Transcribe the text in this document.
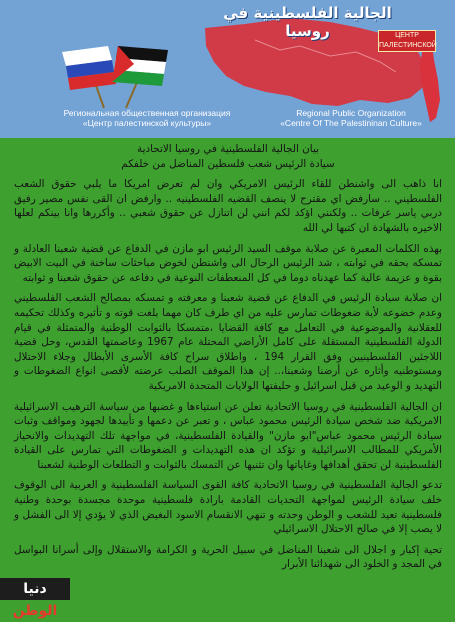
الجالية الفلسطينية في روسيا	ЦЕНТР ПАЛЕСТИНСКОЙ
Региональная общественная организация
«Центр палестинской культуры»
Regional Public Organization
«Centre Of The Palestininan Culture»

بيان الجالية الفلسطينية في روسيا الاتحادية
سيادة الرئيس شعب فلسطين المناضل من خلفكم

انا ذاهب الى واشنطن للقاء الرئيس الامريكي وان لم تعرض امريكا ما يلبي حقوق الشعب الفلسطيني .. سارفض اي مقترح لا ينصف القضيه الفلسطينيه .. وارفض ان القى نفس مصير رفيق دربي ياسر عرفات .. ولكنني اؤكد لكم انني لن اتنازل عن حقوق شعبي .. وأكررها وانا بينكم لعلها الاخيره بالشهادة ان كتبها لي الله

بهذه الكلمات المعبرة عن صلابة موقف السيد الرئيس ابو مازن في الدفاع عن قضية شعبنا العادلة و تمسكه بحقه في ثوابته ، شد الرئيس الرحال الى واشنطن لخوض مباحثات ساخنة في البيت الابيض بقوة و عزيمة عالية كما عهدناه دوما في كل المنعطفات النوعية في دفاعه عن حقوق شعبنا و ثوابته

ان صلابة سيادة الرئيس في الدفاع عن قضية شعبنا و معرفته و تمسكه بمصالح الشعب الفلسطيني وعدم خضوعه لأية ضغوطات تمارس عليه من اي طرف كان مهما بلغت قوته و تأثيره وكذلك تحكيمه للعقلانية والموضوعية في التعامل مع كافة القضايا ،متمسكا بالثوابت الوطنية والمتمثلة في قيام الدولة الفلسطينية المستقلة على كامل الأراضي المحتلة عام 1967 وعاصمتها القدس، وحل قضية اللاجئين الفلسطينيين وفق القرار 194 ، واطلاق سراح كافة الأسرى الأبطال وجلاء الاحتلال ومستوطنيه وأثاره عن أرضنا وشعبنا،.. إن هذا الموقف الصلب عرضته لأقصى انواع الضغوطات و التهديد و الوعيد من قبل اسرائيل و حليفتها الولايات المتحدة الامريكية

ان الجالية الفلسطينية في روسيا الاتحادية تعلن عن استياءها و غضبها من سياسة الترهيب الاسرائيلية الامريكية ضد شخص سيادة الرئيس محمود عباس ، و تعبر عن دعمها و تأييدها لجهود ومواقف وثبات سيادة الرئيس محمود عباس"ابو مازن" والقيادة الفلسطينية، في مواجهة تلك التهديدات والانحياز الأمريكي للمطالب الاسرائيلية و تؤكد ان هذه التهديدات و الضغوطات التي تمارس على القيادة الفلسطينية لن تحقق أهدافها وغاياتها وان تثنيها عن التمسك بالثوابت و التطلعات الوطنية لشعبنا

تدعو الجالية الفلسطينية في روسيا الاتحادية كافة القوى السياسة الفلسطينية و العربية الى الوقوف خلف سيادة الرئيس لمواجهة التحديات القادمة بارادة فلسطينية موحدة مجسدة بوحدة وطنية فلسطينية تعيد للشعب و الوطن وحدته و تنهي الانقسام الاسود البغيض الذي لا يؤدي إلا الى الفشل و لا يصب إلا في صالح الاحتلال الاسرائيلي

تحية إكبار و اجلال الى شعبنا المناضل في سبيل الحرية و الكرامة والاستقلال وإلى أسرانا البواسل في المجد و الخلود الى شهدائنا الأبرار

دنيا الوطن
